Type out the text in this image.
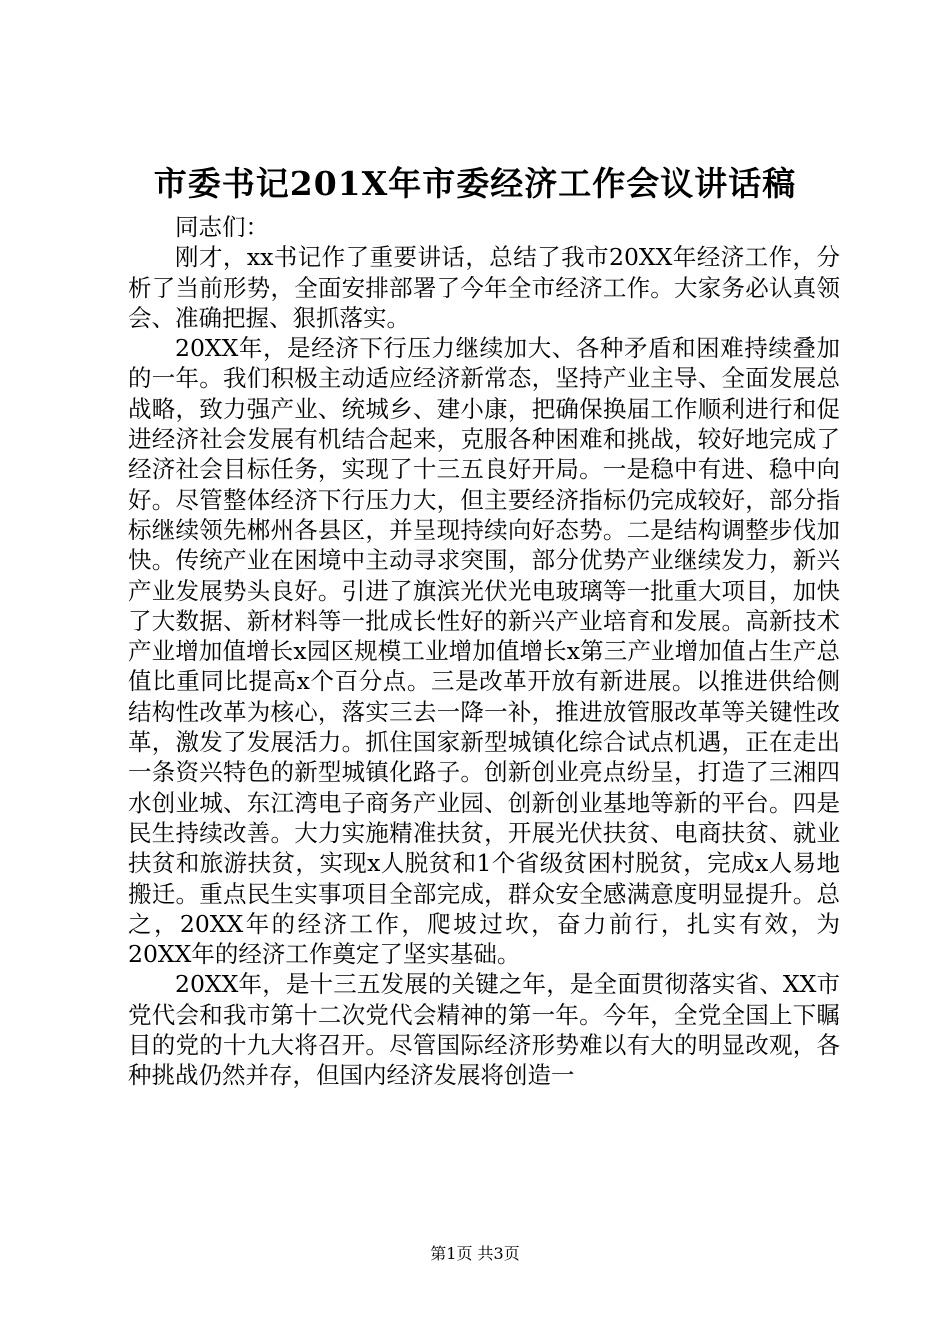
市委书记201X年市委经济工作会议讲话稿

同志们：

刚才，xx书记作了重要讲话，总结了我市20XX年经济工作，分析了当前形势，全面安排部署了今年全市经济工作。大家务必认真领会、准确把握、狠抓落实。

20XX年，是经济下行压力继续加大、各种矛盾和困难持续叠加的一年。我们积极主动适应经济新常态，坚持产业主导、全面发展总战略，致力强产业、统城乡、建小康，把确保换届工作顺利进行和促进经济社会发展有机结合起来，克服各种困难和挑战，较好地完成了经济社会目标任务，实现了十三五良好开局。一是稳中有进、稳中向好。尽管整体经济下行压力大，但主要经济指标仍完成较好，部分指标继续领先郴州各县区，并呈现持续向好态势。二是结构调整步伐加快。传统产业在困境中主动寻求突围，部分优势产业继续发力，新兴产业发展势头良好。引进了旗滨光伏光电玻璃等一批重大项目，加快了大数据、新材料等一批成长性好的新兴产业培育和发展。高新技术产业增加值增长x园区规模工业增加值增长x第三产业增加值占生产总值比重同比提高x个百分点。三是改革开放有新进展。以推进供给侧结构性改革为核心，落实三去一降一补，推进放管服改革等关键性改革，激发了发展活力。抓住国家新型城镇化综合试点机遇，正在走出一条资兴特色的新型城镇化路子。创新创业亮点纷呈，打造了三湘四水创业城、东江湾电子商务产业园、创新创业基地等新的平台。四是民生持续改善。大力实施精准扶贫，开展光伏扶贫、电商扶贫、就业扶贫和旅游扶贫，实现x人脱贫和1个省级贫困村脱贫，完成x人易地搬迁。重点民生实事项目全部完成，群众安全感满意度明显提升。总之，20XX年的经济工作，爬坡过坎，奋力前行，扎实有效，为20XX年的经济工作奠定了坚实基础。

20XX年，是十三五发展的关键之年，是全面贯彻落实省、XX市党代会和我市第十二次党代会精神的第一年。今年，全党全国上下瞩目的党的十九大将召开。尽管国际经济形势难以有大的明显改观，各种挑战仍然并存，但国内经济发展将创造一

第1页 共3页
